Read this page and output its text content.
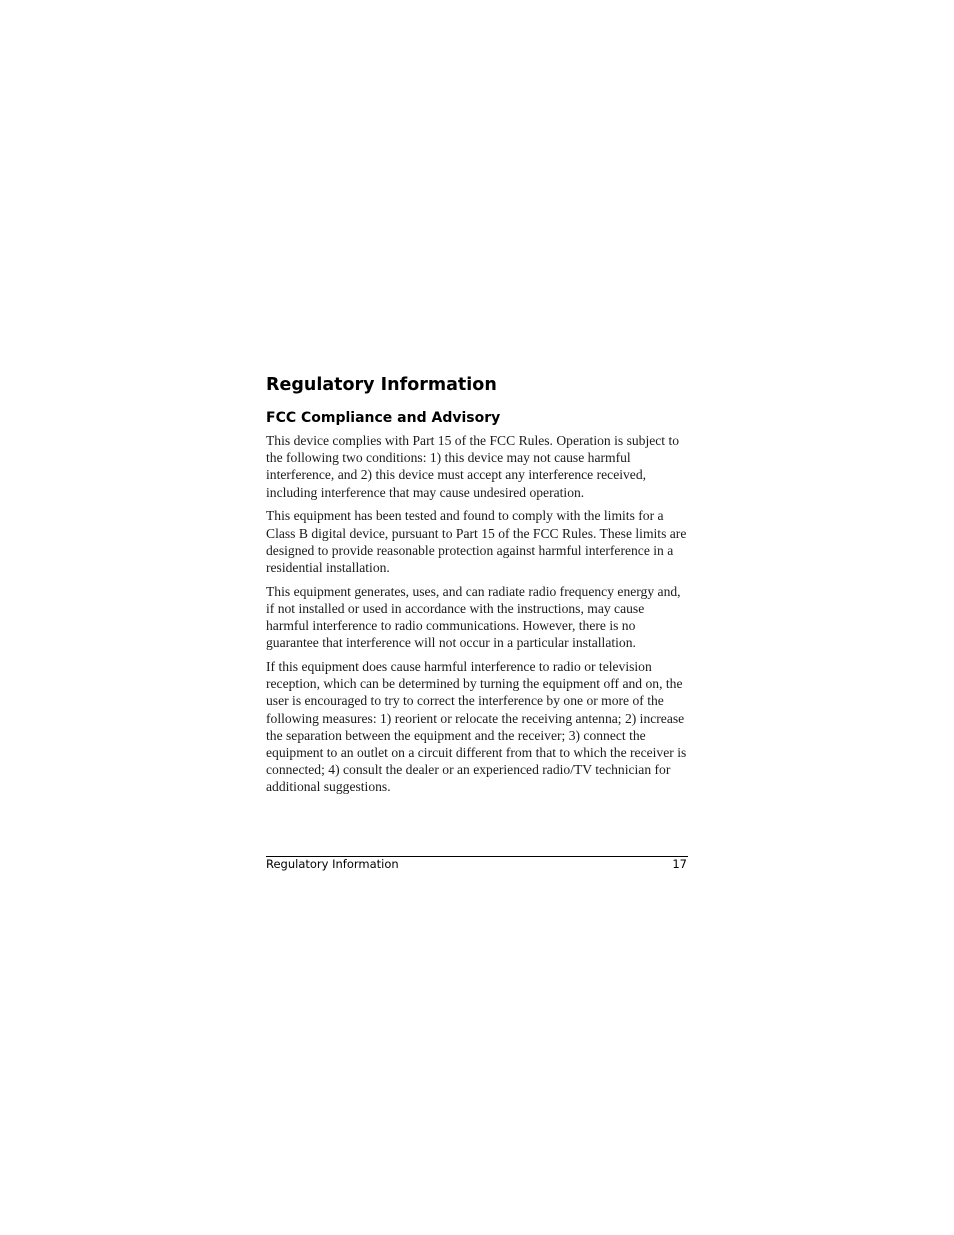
Regulatory Information
FCC Compliance and Advisory

This device complies with Part 15 of the FCC Rules. Operation is subject to the following two conditions: 1) this device may not cause harmful interference, and 2) this device must accept any interference received, including interference that may cause undesired operation.

This equipment has been tested and found to comply with the limits for a Class B digital device, pursuant to Part 15 of the FCC Rules. These limits are designed to provide reasonable protection against harmful interference in a residential installation.

This equipment generates, uses, and can radiate radio frequency energy and, if not installed or used in accordance with the instructions, may cause harmful interference to radio communications. However, there is no guarantee that interference will not occur in a particular installation.

If this equipment does cause harmful interference to radio or television reception, which can be determined by turning the equipment off and on, the user is encouraged to try to correct the interference by one or more of the following measures: 1) reorient or relocate the receiving antenna; 2) increase the separation between the equipment and the receiver; 3) connect the equipment to an outlet on a circuit different from that to which the receiver is connected; 4) consult the dealer or an experienced radio/TV technician for additional suggestions.

Regulatory Information	17
